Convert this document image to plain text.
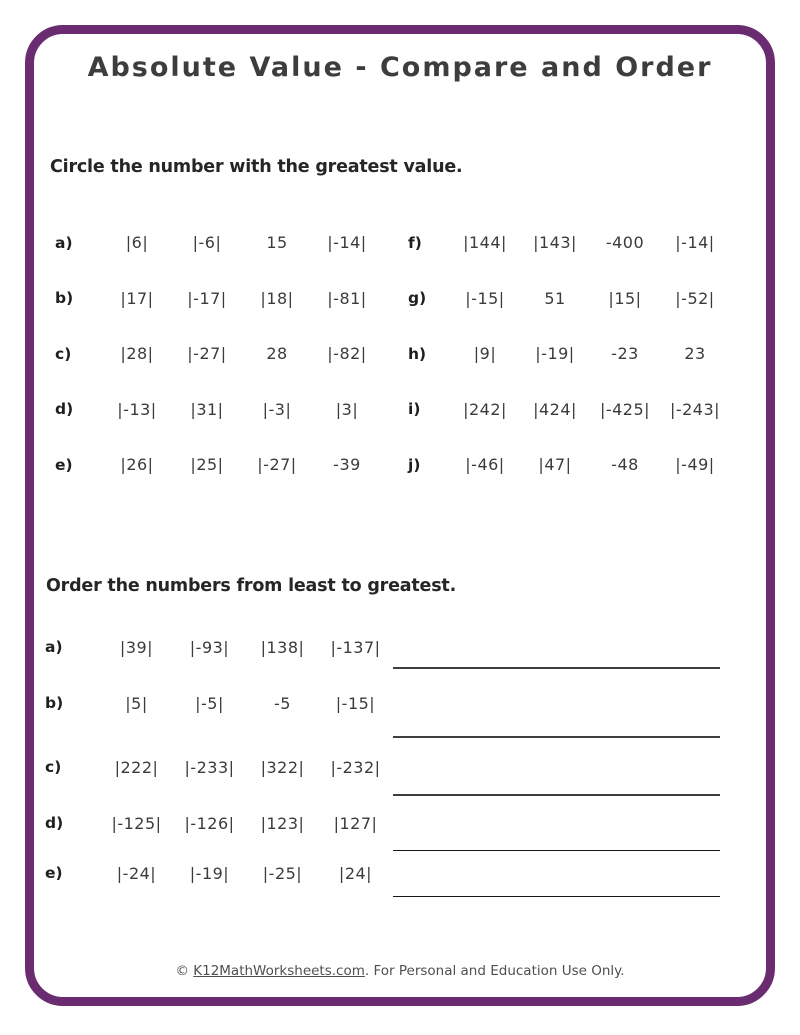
Absolute Value - Compare and Order
Circle the number with the greatest value.
a)	|6|	|-6|	15	|-14|
b)	|17|	|-17|	|18|	|-81|
c)	|28|	|-27|	28	|-82|
d)	|-13|	|31|	|-3|	|3|
e)	|26|	|25|	|-27|	-39
f)	|144|	|143|	-400	|-14|
g)	|-15|	51	|15|	|-52|
h)	|9|	|-19|	-23	23
i)	|242|	|424|	|-425|	|-243|
j)	|-46|	|47|	-48	|-49|
Order the numbers from least to greatest.
a)	|39|	|-93|	|138|	|-137|
b)	|5|	|-5|	-5	|-15|
c)	|222|	|-233|	|322|	|-232|
d)	|-125|	|-126|	|123|	|127|
e)	|-24|	|-19|	|-25|	|24|
© K12MathWorksheets.com. For Personal and Education Use Only.
